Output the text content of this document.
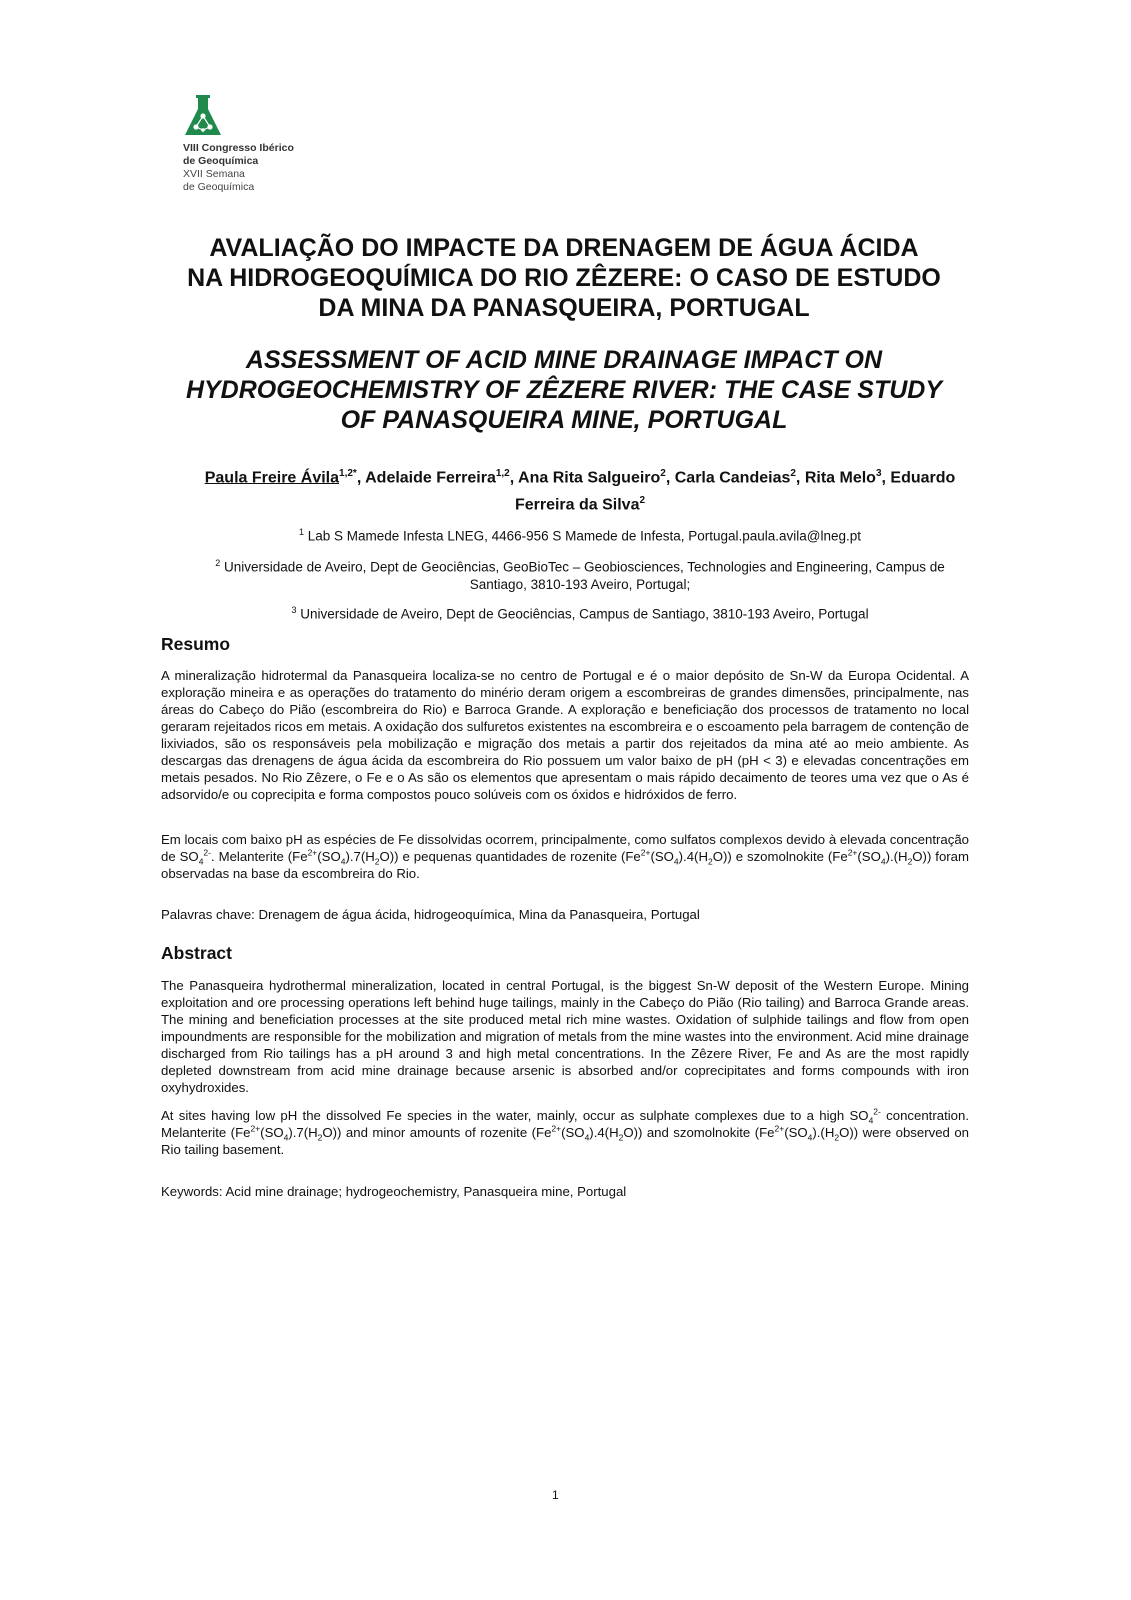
VIII Congresso Ibérico
de Geoquímica
XVII Semana
de Geoquímica
AVALIAÇÃO DO IMPACTE DA DRENAGEM DE ÁGUA ÁCIDA
NA HIDROGEOQUÍMICA DO RIO ZÊZERE: O CASO DE ESTUDO
DA MINA DA PANASQUEIRA, PORTUGAL
ASSESSMENT OF ACID MINE DRAINAGE IMPACT ON
HYDROGEOCHEMISTRY OF ZÊZERE RIVER: THE CASE STUDY
OF PANASQUEIRA MINE, PORTUGAL
Paula Freire Ávila$^{1,2*}$, Adelaide Ferreira$^{1,2}$, Ana Rita Salgueiro$^2$, Carla Candeias$^2$, Rita Melo$^3$, Eduardo Ferreira da Silva$^2$
$^1$ Lab S Mamede Infesta LNEG, 4466-956 S Mamede de Infesta, Portugal.paula.avila@lneg.pt
$^2$ Universidade de Aveiro, Dept de Geociências, GeoBioTec – Geobiosciences, Technologies and Engineering, Campus de Santiago, 3810-193 Aveiro, Portugal;
$^3$ Universidade de Aveiro, Dept de Geociências, Campus de Santiago, 3810-193 Aveiro, Portugal
Resumo

A mineralização hidrotermal da Panasqueira localiza-se no centro de Portugal e é o maior depósito de Sn-W da Europa Ocidental. A exploração mineira e as operações do tratamento do minério deram origem a escombreiras de grandes dimensões, principalmente, nas áreas do Cabeço do Pião (escombreira do Rio) e Barroca Grande. A exploração e beneficiação dos processos de tratamento no local geraram rejeitados ricos em metais. A oxidação dos sulfuretos existentes na escombreira e o escoamento pela barragem de contenção de lixiviados, são os responsáveis pela mobilização e migração dos metais a partir dos rejeitados da mina até ao meio ambiente. As descargas das drenagens de água ácida da escombreira do Rio possuem um valor baixo de pH (pH < 3) e elevadas concentrações em metais pesados. No Rio Zêzere, o Fe e o As são os elementos que apresentam o mais rápido decaimento de teores uma vez que o As é adsorvido/e ou coprecipita e forma compostos pouco solúveis com os óxidos e hidróxidos de ferro.

Em locais com baixo pH as espécies de Fe dissolvidas ocorrem, principalmente, como sulfatos complexos devido à elevada concentração de $SO_4^{2-}$. Melanterite $(Fe^{2+}(SO_4).7(H_2O))$ e pequenas quantidades de rozenite $(Fe^{2+}(SO_4).4(H_2O))$ e szomolnokite $(Fe^{2+}(SO_4).(H_2O))$ foram observadas na base da escombreira do Rio.

Palavras chave: Drenagem de água ácida, hidrogeoquímica, Mina da Panasqueira, Portugal

Abstract

The Panasqueira hydrothermal mineralization, located in central Portugal, is the biggest Sn-W deposit of the Western Europe. Mining exploitation and ore processing operations left behind huge tailings, mainly in the Cabeço do Pião (Rio tailing) and Barroca Grande areas. The mining and beneficiation processes at the site produced metal rich mine wastes. Oxidation of sulphide tailings and flow from open impoundments are responsible for the mobilization and migration of metals from the mine wastes into the environment. Acid mine drainage discharged from Rio tailings has a pH around 3 and high metal concentrations. In the Zêzere River, Fe and As are the most rapidly depleted downstream from acid mine drainage because arsenic is absorbed and/or coprecipitates and forms compounds with iron oxyhydroxides.

At sites having low pH the dissolved Fe species in the water, mainly, occur as sulphate complexes due to a high $SO_4^{2-}$ concentration. Melanterite $(Fe^{2+}(SO_4).7(H_2O))$ and minor amounts of rozenite $(Fe^{2+}(SO_4).4(H_2O))$ and szomolnokite $(Fe^{2+}(SO_4).(H_2O))$ were observed on Rio tailing basement.

Keywords: Acid mine drainage; hydrogeochemistry, Panasqueira mine, Portugal

1
